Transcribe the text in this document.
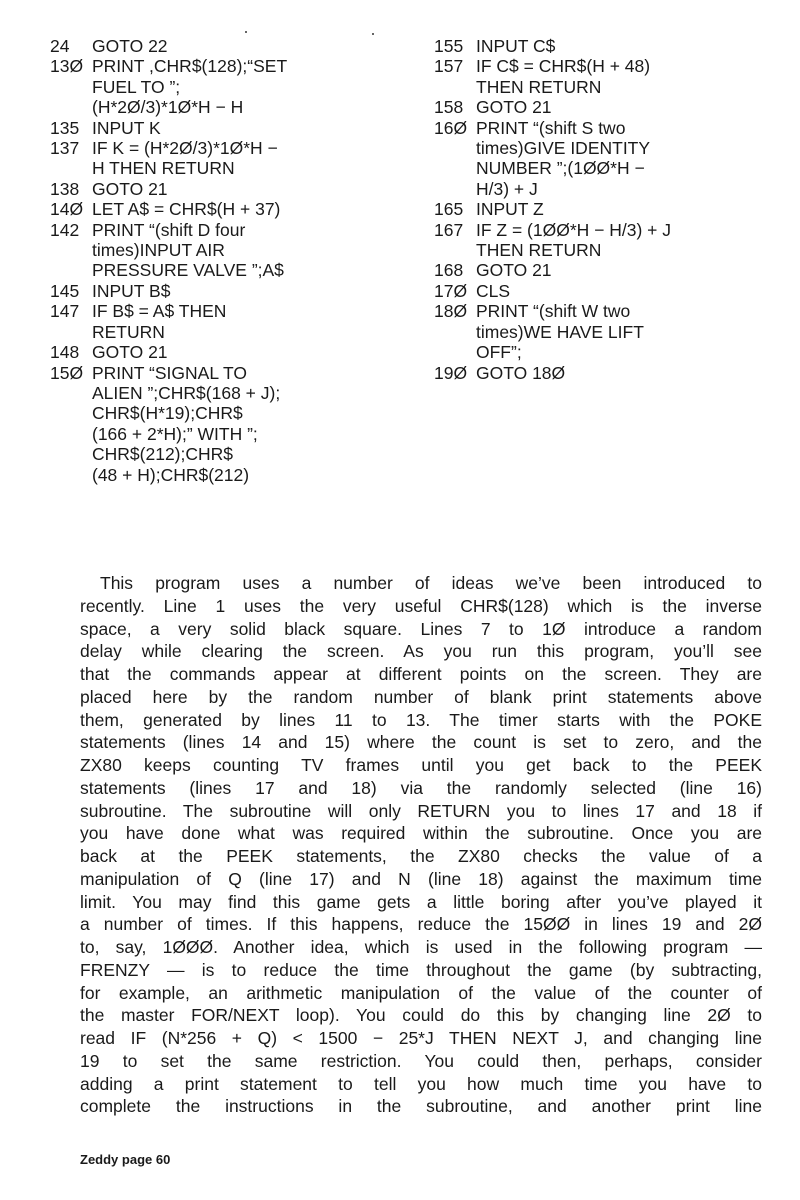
24	GOTO 22
13Ø PRINT ,CHR$(128);“SET
FUEL TO ”;
(H*2Ø/3)*1Ø*H − H
135 INPUT K
137 IF K = (H*2Ø/3)*1Ø*H −
H THEN RETURN
138 GOTO 21
14Ø LET A$ = CHR$(H + 37)
142 PRINT “(shift D four
times)INPUT AIR
PRESSURE VALVE ”;A$
145 INPUT B$
147 IF B$ = A$ THEN
RETURN
148 GOTO 21
15Ø PRINT “SIGNAL TO
ALIEN ”;CHR$(168 + J);
CHR$(H*19);CHR$
(166 + 2*H);” WITH ”;
CHR$(212);CHR$
(48 + H);CHR$(212)
155 INPUT C$
157 IF C$ = CHR$(H + 48)
THEN RETURN
158 GOTO 21
16Ø PRINT “(shift S two
times)GIVE IDENTITY
NUMBER ”;(1ØØ*H −
H/3) + J
165 INPUT Z
167 IF Z = (1ØØ*H − H/3) + J
THEN RETURN
168 GOTO 21
17Ø CLS
18Ø PRINT “(shift W two
times)WE HAVE LIFT
OFF”;
19Ø GOTO 18Ø
This program uses a number of ideas we’ve been introduced to
recently. Line 1 uses the very useful CHR$(128) which is the inverse
space, a very solid black square. Lines 7 to 1Ø introduce a random
delay while clearing the screen. As you run this program, you’ll see
that the commands appear at different points on the screen. They are
placed here by the random number of blank print statements above
them, generated by lines 11 to 13. The timer starts with the POKE
statements (lines 14 and 15) where the count is set to zero, and the
ZX80 keeps counting TV frames until you get back to the PEEK
statements (lines 17 and 18) via the randomly selected (line 16)
subroutine. The subroutine will only RETURN you to lines 17 and 18 if
you have done what was required within the subroutine. Once you are
back at the PEEK statements, the ZX80 checks the value of a
manipulation of Q (line 17) and N (line 18) against the maximum time
limit. You may find this game gets a little boring after you’ve played it
a number of times. If this happens, reduce the 15ØØ in lines 19 and 2Ø
to, say, 1ØØØ. Another idea, which is used in the following program —
FRENZY — is to reduce the time throughout the game (by subtracting,
for example, an arithmetic manipulation of the value of the counter of
the master FOR/NEXT loop). You could do this by changing line 2Ø to
read IF (N*256 + Q) < 1500 − 25*J THEN NEXT J, and changing line
19 to set the same restriction. You could then, perhaps, consider
adding a print statement to tell you how much time you have to
complete the instructions in the subroutine, and another print line
Zeddy page 60
